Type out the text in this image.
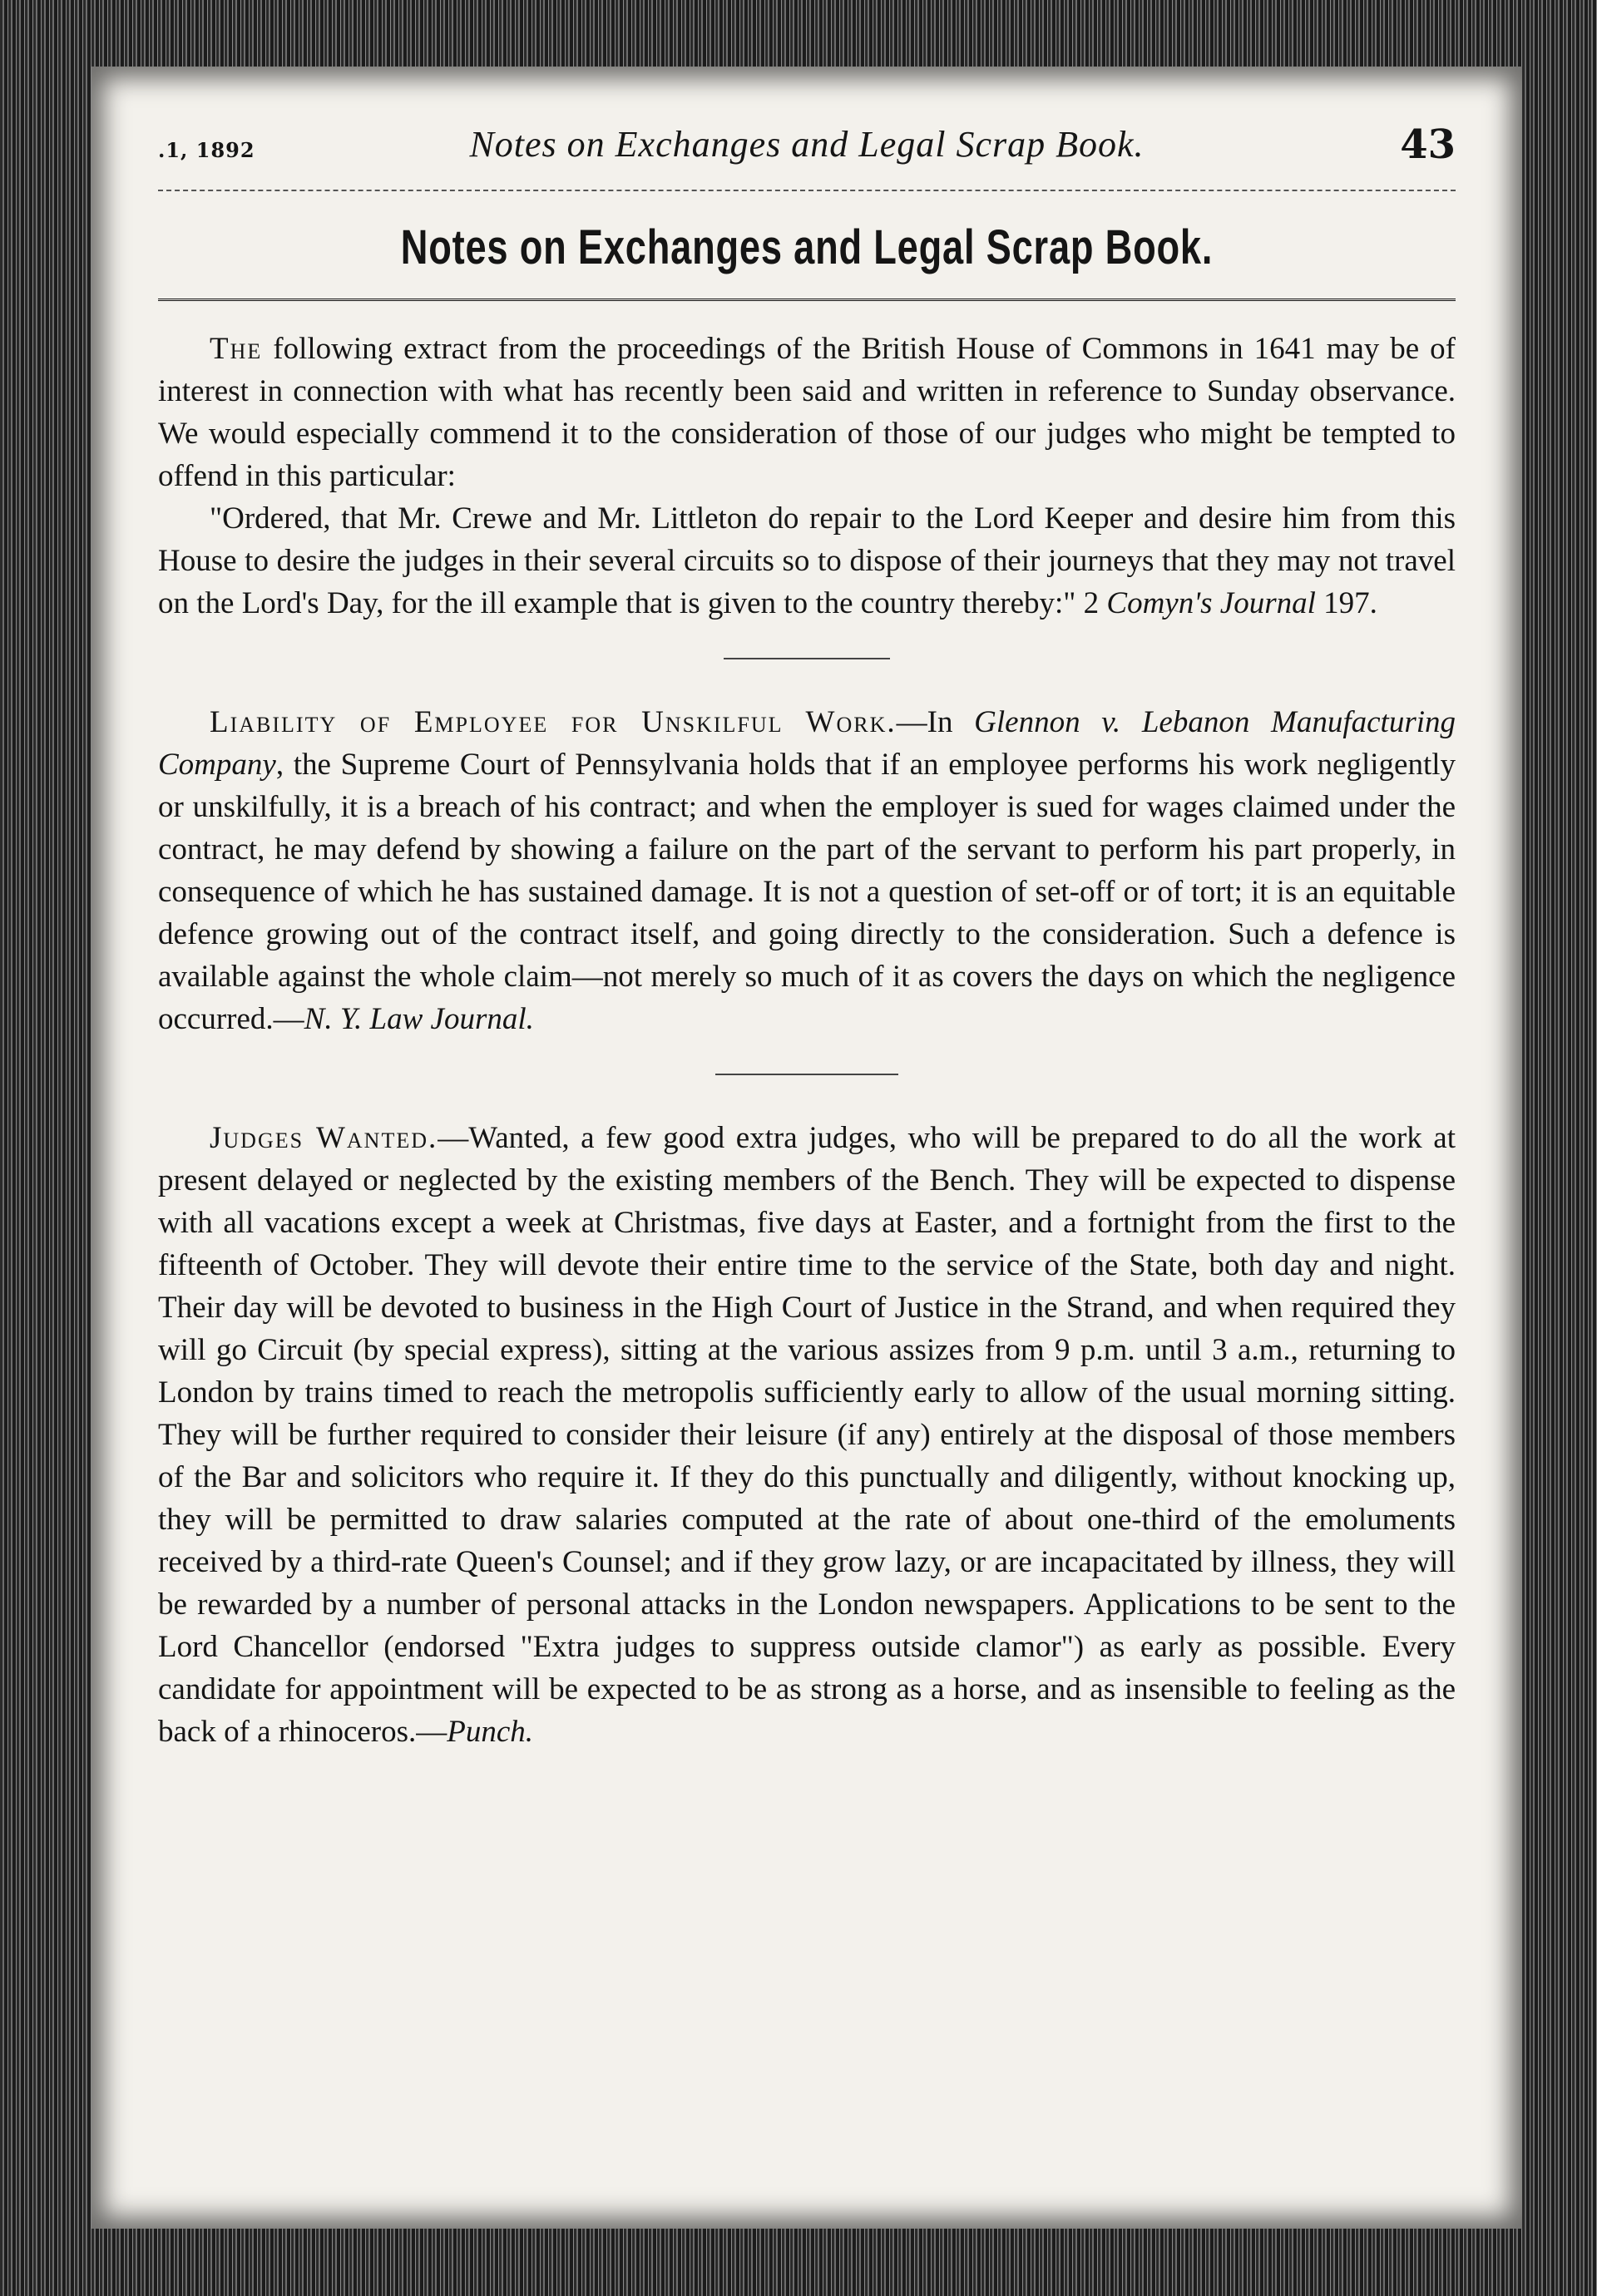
.1, 1892	Notes on Exchanges and Legal Scrap Book.	43
Notes on Exchanges and Legal Scrap Book.

The following extract from the proceedings of the British House of Commons in 1641 may be of interest in connection with what has recently been said and written in reference to Sunday observance. We would especially commend it to the consideration of those of our judges who might be tempted to offend in this particular:

"Ordered, that Mr. Crewe and Mr. Littleton do repair to the Lord Keeper and desire him from this House to desire the judges in their several circuits so to dispose of their journeys that they may not travel on the Lord's Day, for the ill example that is given to the country thereby:" 2 Comyn's Journal 197.

Liability of Employee for Unskilful Work.—In Glennon v. Lebanon Manufacturing Company, the Supreme Court of Pennsylvania holds that if an employee performs his work negligently or unskilfully, it is a breach of his contract; and when the employer is sued for wages claimed under the contract, he may defend by showing a failure on the part of the servant to perform his part properly, in consequence of which he has sustained damage. It is not a question of set-off or of tort; it is an equitable defence growing out of the contract itself, and going directly to the consideration. Such a defence is available against the whole claim—not merely so much of it as covers the days on which the negligence occurred.—N. Y. Law Journal.

Judges Wanted.—Wanted, a few good extra judges, who will be prepared to do all the work at present delayed or neglected by the existing members of the Bench. They will be expected to dispense with all vacations except a week at Christmas, five days at Easter, and a fortnight from the first to the fifteenth of October. They will devote their entire time to the service of the State, both day and night. Their day will be devoted to business in the High Court of Justice in the Strand, and when required they will go Circuit (by special express), sitting at the various assizes from 9 p.m. until 3 a.m., returning to London by trains timed to reach the metropolis sufficiently early to allow of the usual morning sitting. They will be further required to consider their leisure (if any) entirely at the disposal of those members of the Bar and solicitors who require it. If they do this punctually and diligently, without knocking up, they will be permitted to draw salaries computed at the rate of about one-third of the emoluments received by a third-rate Queen's Counsel; and if they grow lazy, or are incapacitated by illness, they will be rewarded by a number of personal attacks in the London newspapers. Applications to be sent to the Lord Chancellor (endorsed "Extra judges to suppress outside clamor") as early as possible. Every candidate for appointment will be expected to be as strong as a horse, and as insensible to feeling as the back of a rhinoceros.—Punch.
